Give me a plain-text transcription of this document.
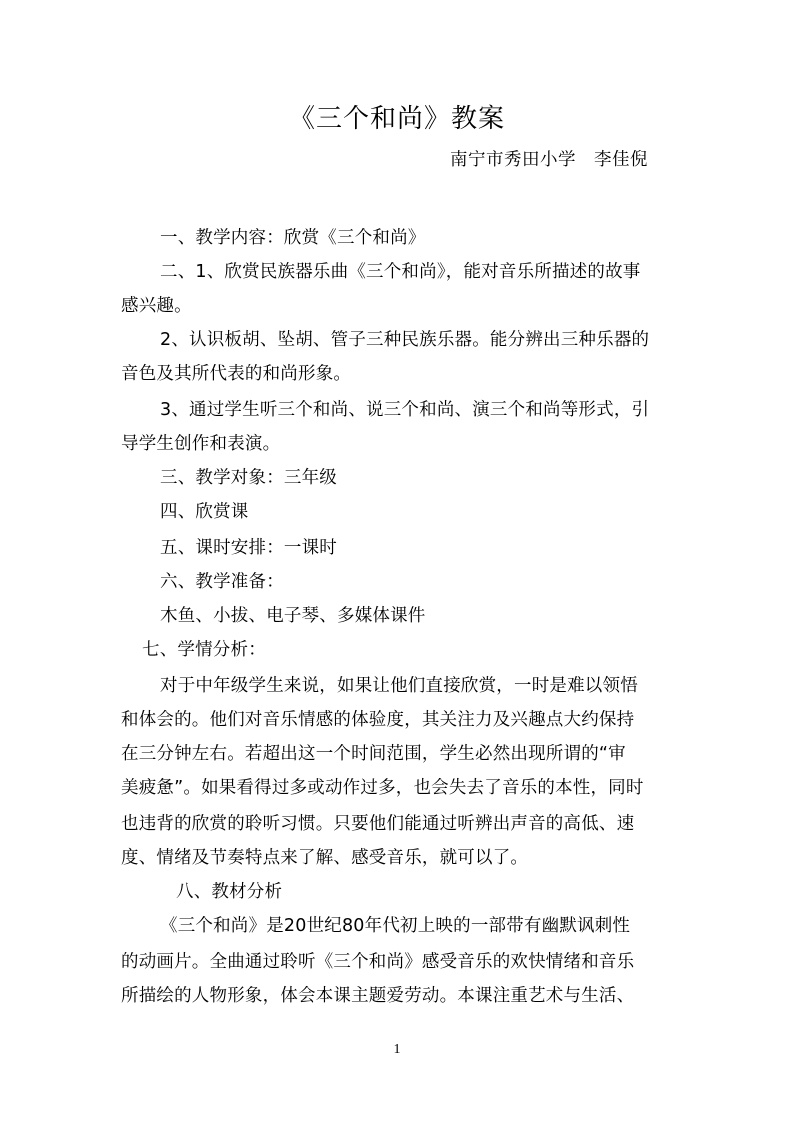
《三个和尚》教案
南宁市秀田小学　李佳倪
一、教学内容：欣赏《三个和尚》
二、1、欣赏民族器乐曲《三个和尚》，能对音乐所描述的故事
感兴趣。
2、认识板胡、坠胡、管子三种民族乐器。能分辨出三种乐器的
音色及其所代表的和尚形象。
3、通过学生听三个和尚、说三个和尚、演三个和尚等形式，引
导学生创作和表演。
三、教学对象：三年级
四、欣赏课
五、课时安排：一课时
六、教学准备：
木鱼、小拔、电子琴、多媒体课件
七、学情分析：
对于中年级学生来说，如果让他们直接欣赏，一时是难以领悟
和体会的。他们对音乐情感的体验度，其关注力及兴趣点大约保持
在三分钟左右。若超出这一个时间范围，学生必然出现所谓的“审
美疲惫”。如果看得过多或动作过多，也会失去了音乐的本性，同时
也违背的欣赏的聆听习惯。只要他们能通过听辨出声音的高低、速
度、情绪及节奏特点来了解、感受音乐，就可以了。
八、教材分析
《三个和尚》是20世纪80年代初上映的一部带有幽默讽刺性
的动画片。全曲通过聆听《三个和尚》感受音乐的欢快情绪和音乐
所描绘的人物形象，体会本课主题爱劳动。本课注重艺术与生活、
1
